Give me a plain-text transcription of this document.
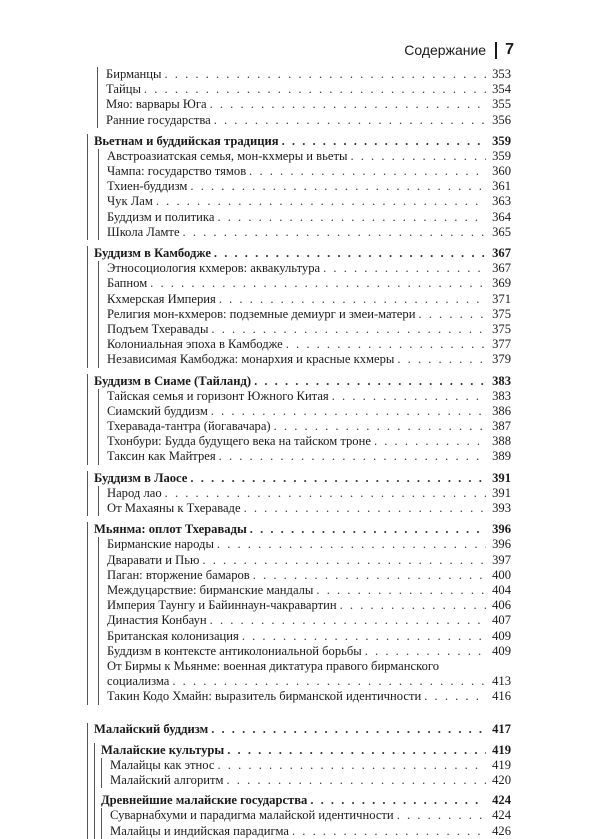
Содержание 7
Бирманцы . . .	353
Тайцы . . .	354
Мяо: варвары Юга . . .	355
Ранние государства . . .	356
Вьетнам и буддийская традиция . . .	359
Австроазиатская семья, мон-кхмеры и вьеты . . .	359
Чампа: государство тямов . . .	360
Тхиен-буддизм . . .	361
Чук Лам . . .	363
Буддизм и политика . . .	364
Школа Ламте . . .	365
Буддизм в Камбодже . . .	367
Этносоциология кхмеров: аквакультура . . .	367
Бапном . . .	369
Кхмерская Империя . . .	371
Религия мон-кхмеров: подземные демиург и змеи-матери . . .	375
Подъем Тхеравады . . .	375
Колониальная эпоха в Камбодже . . .	377
Независимая Камбоджа: монархия и красные кхмеры . . .	379
Буддизм в Сиаме (Тайланд) . . .	383
Тайская семья и горизонт Южного Китая . . .	383
Сиамский буддизм . . .	386
Тхеравада-тантра (йогавачара) . . .	387
Тхонбури: Будда будущего века на тайском троне . . .	388
Таксин как Майтрея . . .	389
Буддизм в Лаосе . . .	391
Народ лао . . .	391
От Махаяны к Тхераваде . . .	393
Мьянма: оплот Тхеравады . . .	396
Бирманские народы . . .	396
Дваравати и Пью . . .	397
Паган: вторжение бамаров . . .	400
Междуцарствие: бирманские мандалы . . .	404
Империя Таунгу и Байиннаун-чакравартин . . .	406
Династия Конбаун . . .	407
Британская колонизация . . .	409
Буддизм в контексте антиколониальной борьбы . . .	409
От Бирмы к Мьянме: военная диктатура правого бирманского
социализма . . .	413
Такин Кодо Хмайн: выразитель бирманской идентичности . . .	416
Малайский буддизм . . .	417
Малайские культуры . . .	419
Малайцы как этнос . . .	419
Малайский алгоритм . . .	420
Древнейшие малайские государства . . .	424
Суварнабхуми и парадигма малайской идентичности . . .	424
Малайцы и индийская парадигма . . .	426
